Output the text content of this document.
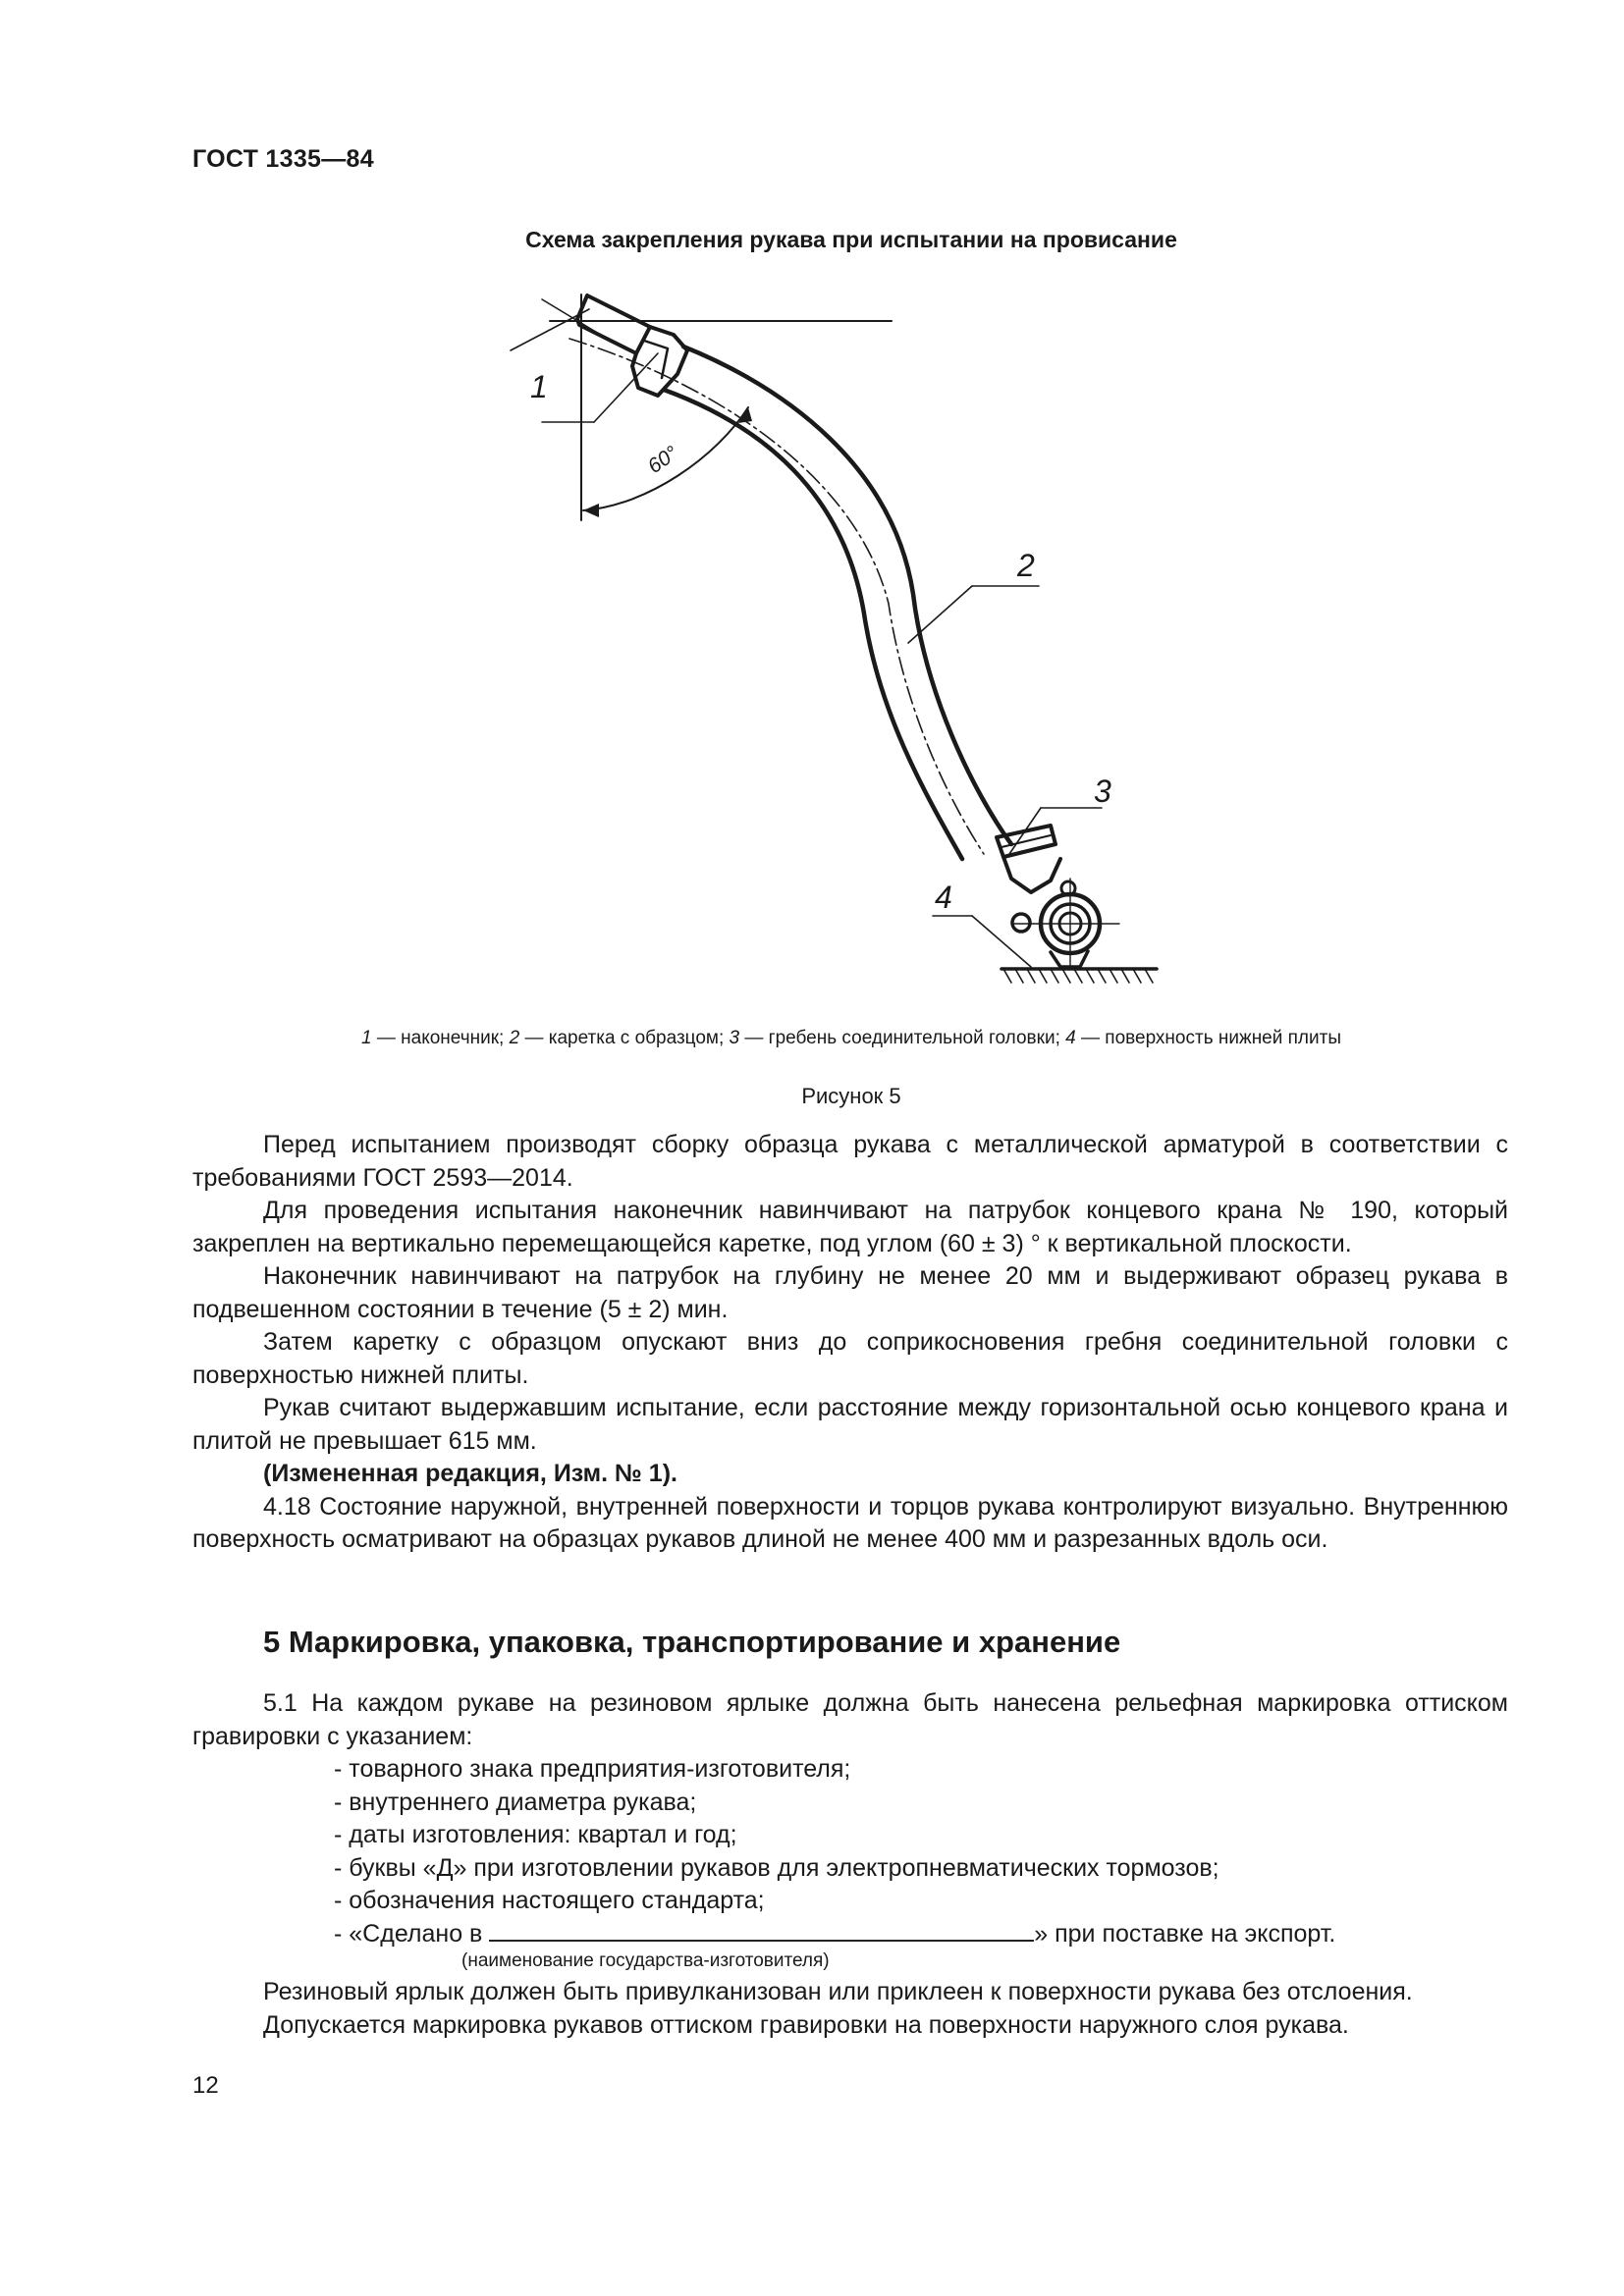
ГОСТ 1335—84
Схема закрепления рукава при испытании на провисание
60°
1
2
3
4
1 — наконечник; 2 — каретка с образцом; 3 — гребень соединительной головки; 4 — поверхность нижней плиты
Рисунок 5

Перед испытанием производят сборку образца рукава с металлической арматурой в соответствии с требованиями ГОСТ 2593—2014.

Для проведения испытания наконечник навинчивают на патрубок концевого крана № 190, который закреплен на вертикально перемещающейся каретке, под углом (60 ± 3) ° к вертикальной плоскости.

Наконечник навинчивают на патрубок на глубину не менее 20 мм и выдерживают образец рукава в подвешенном состоянии в течение (5 ± 2) мин.

Затем каретку с образцом опускают вниз до соприкосновения гребня соединительной головки с поверхностью нижней плиты.

Рукав считают выдержавшим испытание, если расстояние между горизонтальной осью концевого крана и плитой не превышает 615 мм.

(Измененная редакция, Изм. № 1).

4.18 Состояние наружной, внутренней поверхности и торцов рукава контролируют визуально. Внутреннюю поверхность осматривают на образцах рукавов длиной не менее 400 мм и разрезанных вдоль оси.

5 Маркировка, упаковка, транспортирование и хранение

5.1 На каждом рукаве на резиновом ярлыке должна быть нанесена рельефная маркировка оттиском гравировки с указанием:

- товарного знака предприятия-изготовителя;

- внутреннего диаметра рукава;

- даты изготовления: квартал и год;

- буквы «Д» при изготовлении рукавов для электропневматических тормозов;

- обозначения настоящего стандарта;

- «Сделано в	» при поставке на экспорт.

Резиновый ярлык должен быть привулканизован или приклеен к поверхности рукава без отслоения.

Допускается маркировка рукавов оттиском гравировки на поверхности наружного слоя рукава.

(наименование государства-изготовителя)
12
